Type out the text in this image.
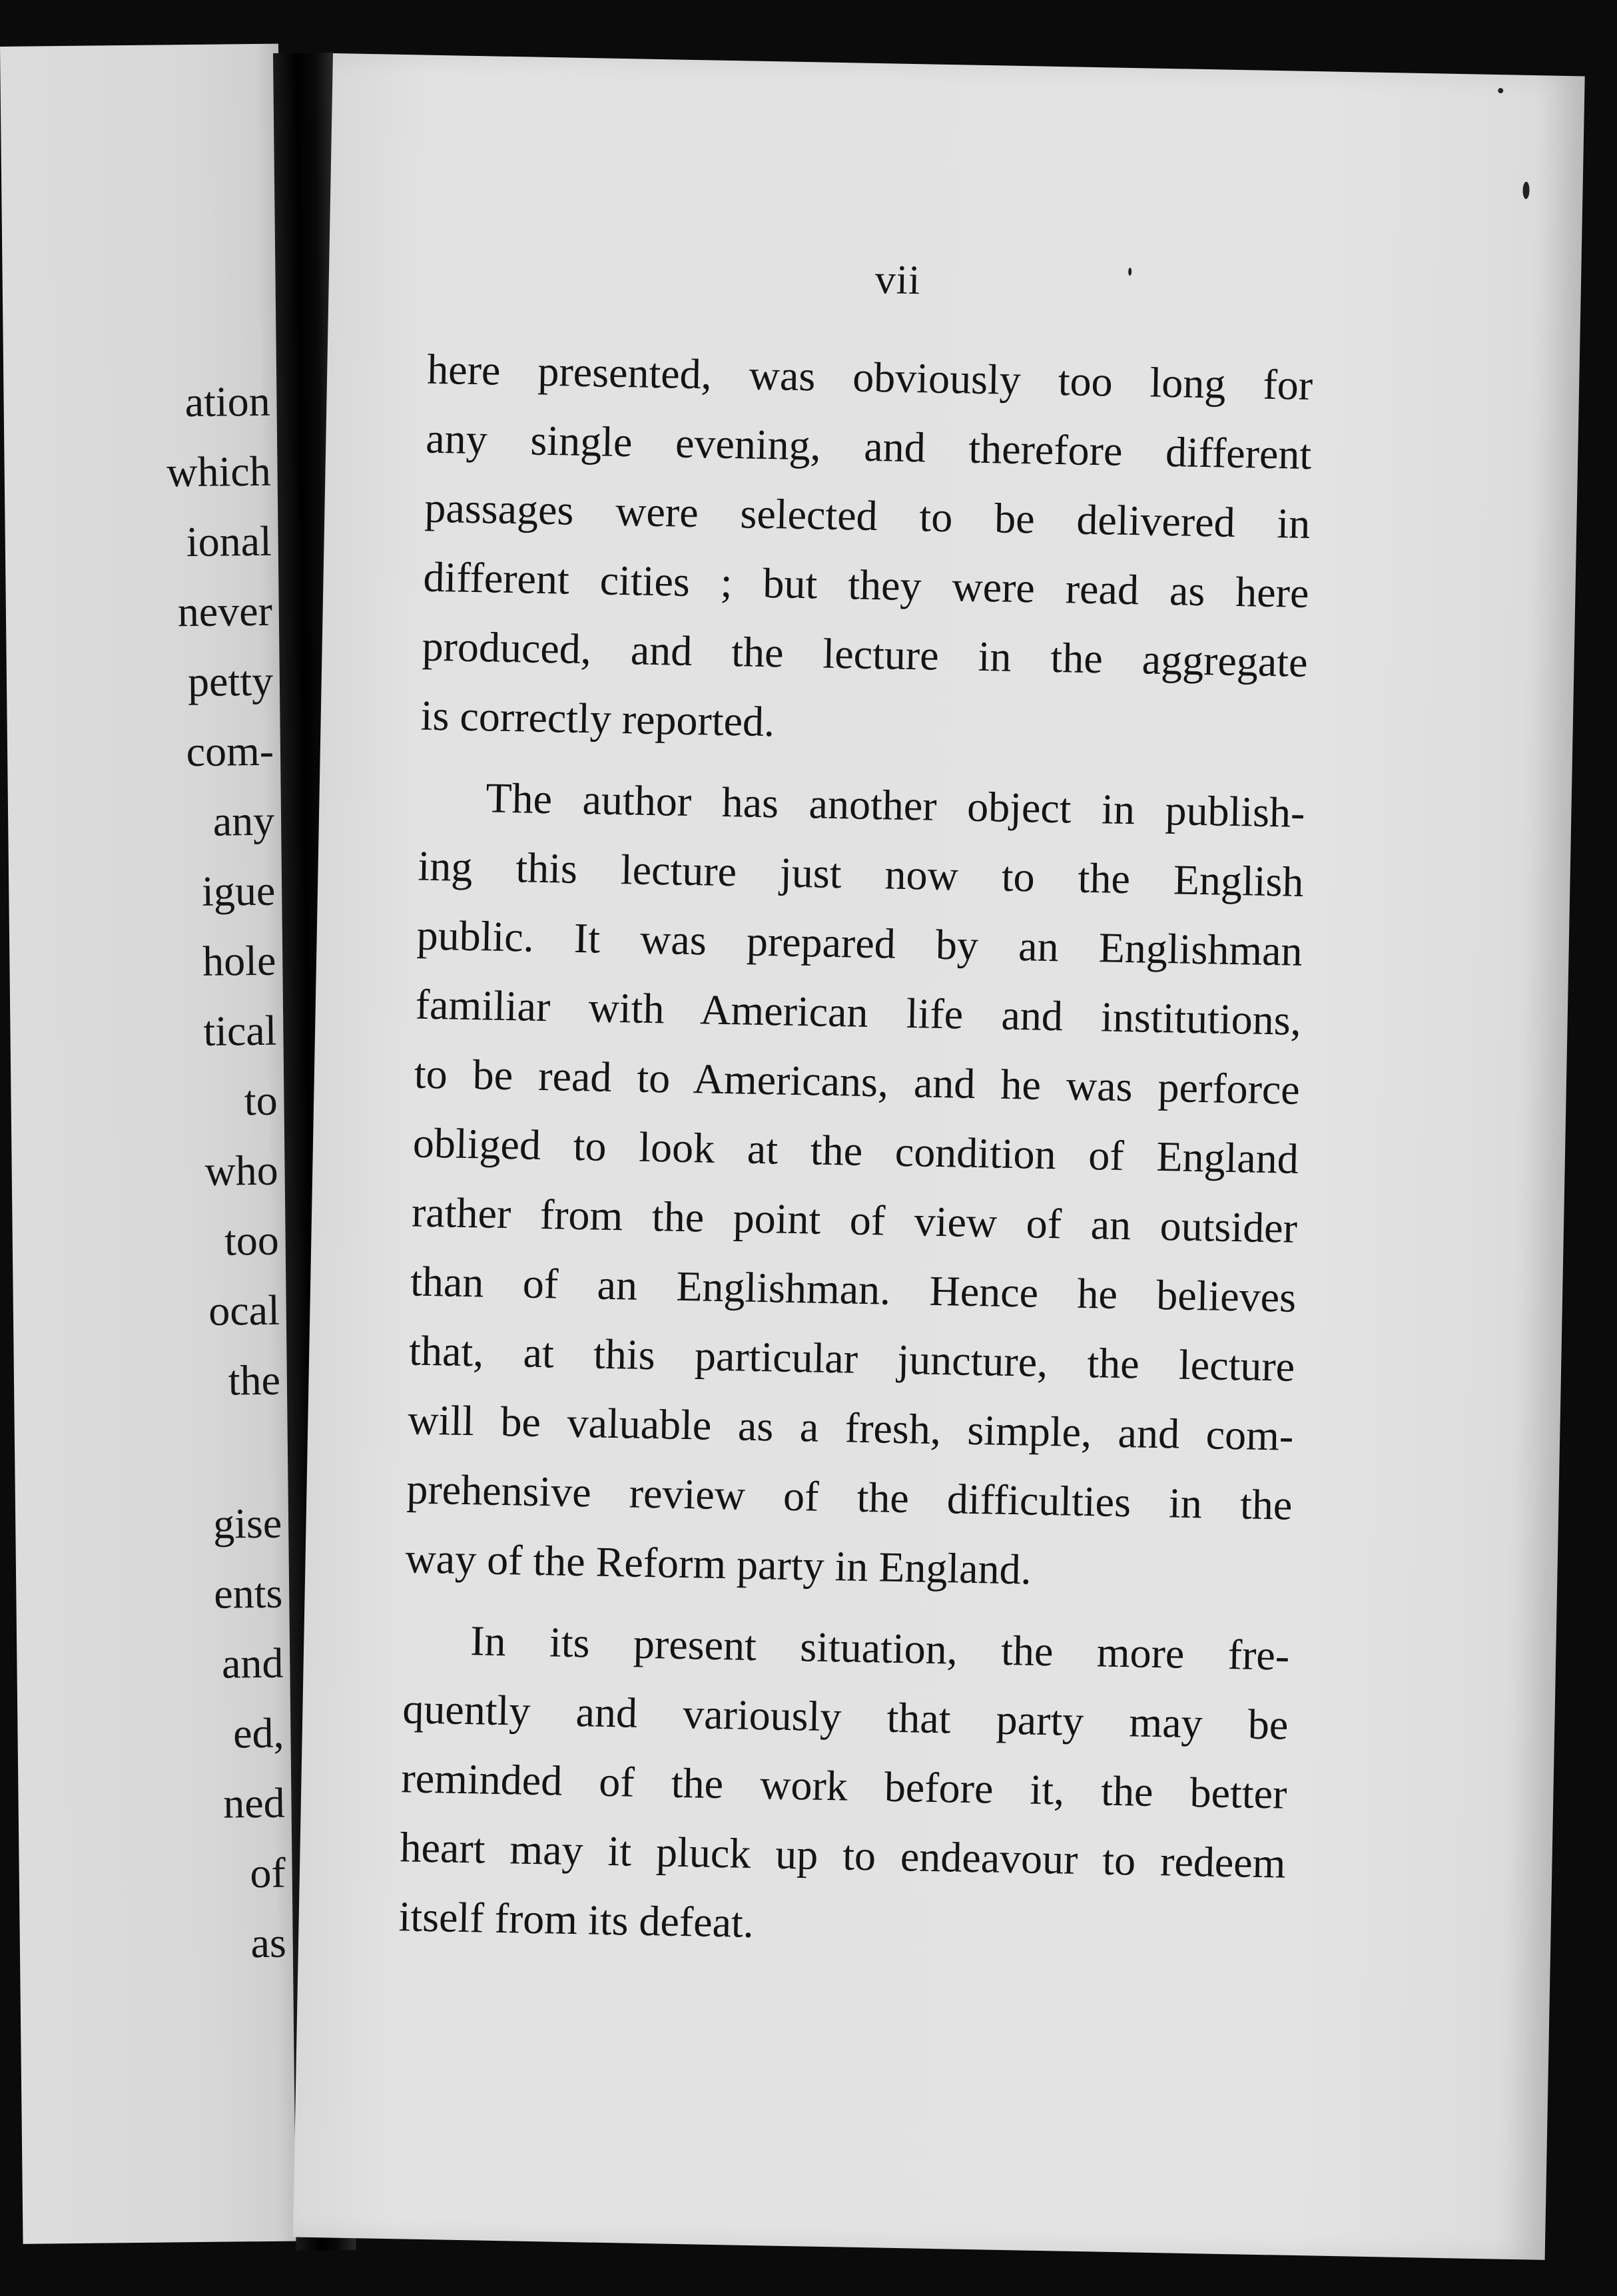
ation
which
ional
never
petty
com-
any
igue
hole
tical
to
who
too
ocal
the
gise
ents
and
ed,
ned
of
as
vii

here presented, was obviously too long for
any single evening, and therefore different
passages were selected to be delivered in
different cities ; but they were read as here
produced, and the lecture in the aggregate
is correctly reported.

The author has another object in publish-
ing this lecture just now to the English
public. It was prepared by an Englishman
familiar with American life and institutions,
to be read to Americans, and he was perforce
obliged to look at the condition of England
rather from the point of view of an outsider
than of an Englishman. Hence he believes
that, at this particular juncture, the lecture
will be valuable as a fresh, simple, and com-
prehensive review of the difficulties in the
way of the Reform party in England.

In its present situation, the more fre-
quently and variously that party may be
reminded of the work before it, the better
heart may it pluck up to endeavour to redeem
itself from its defeat.
